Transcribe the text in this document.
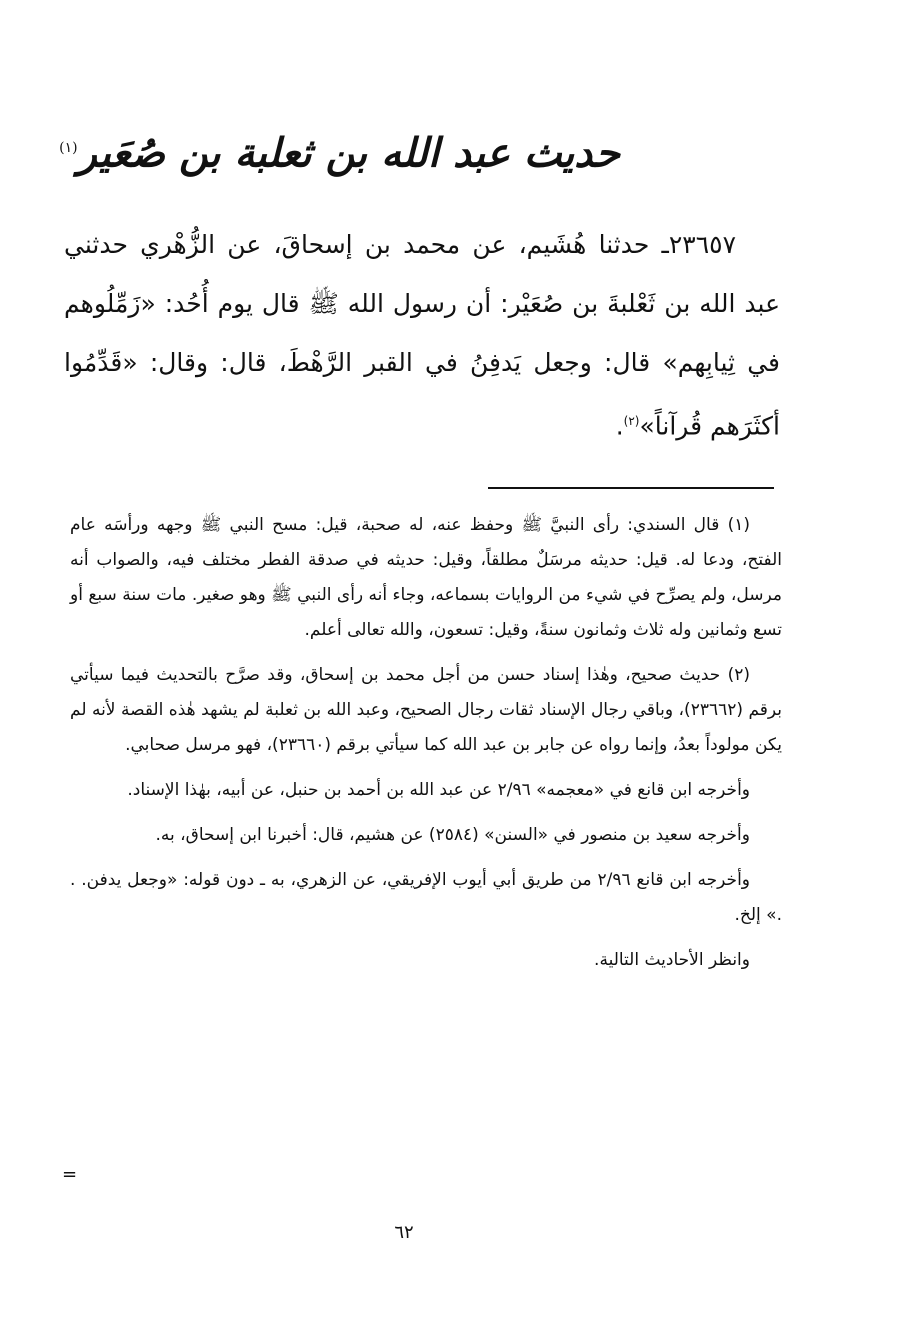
حديث عبد الله بن ثعلبة بن صُعَير$^{(١)}$

٢٣٦٥٧ـ حدثنا هُشَيم، عن محمد بن إسحاقَ، عن الزُّهْري حدثني عبد الله بن ثَعْلبةَ بن صُعَيْر: أن رسول الله ﷺ قال يوم أُحُد: «زَمِّلُوهم في ثِيابِهم» قال: وجعل يَدفِنُ في القبر الرَّهْطَ، قال: وقال: «قَدِّمُوا أكثَرَهم قُرآناً»$^{(٢)}$.

(١) قال السندي: رأى النبيَّ ﷺ وحفظ عنه، له صحبة، قيل: مسح النبي ﷺ وجهه ورأسَه عام الفتح، ودعا له. قيل: حديثه مرسَلٌ مطلقاً، وقيل: حديثه في صدقة الفطر مختلف فيه، والصواب أنه مرسل، ولم يصرِّح في شيء من الروايات بسماعه، وجاء أنه رأى النبي ﷺ وهو صغير. مات سنة سبع أو تسع وثمانين وله ثلاث وثمانون سنةً، وقيل: تسعون، والله تعالى أعلم.

(٢) حديث صحيح، وهٰذا إسناد حسن من أجل محمد بن إسحاق، وقد صرَّح بالتحديث فيما سيأتي برقم (٢٣٦٦٢)، وباقي رجال الإسناد ثقات رجال الصحيح، وعبد الله بن ثعلبة لم يشهد هٰذه القصة لأنه لم يكن مولوداً بعدُ، وإنما رواه عن جابر بن عبد الله كما سيأتي برقم (٢٣٦٦٠)، فهو مرسل صحابي.

وأخرجه ابن قانع في «معجمه» ٢/٩٦ عن عبد الله بن أحمد بن حنبل، عن أبيه، بهٰذا الإسناد.

وأخرجه سعيد بن منصور في «السنن» (٢٥٨٤) عن هشيم، قال: أخبرنا ابن إسحاق، به.

وأخرجه ابن قانع ٢/٩٦ من طريق أبي أيوب الإفريقي، عن الزهري، به ـ دون قوله: «وجعل يدفن. . .» إلخ.

وانظر الأحاديث التالية.

=
٦٢
